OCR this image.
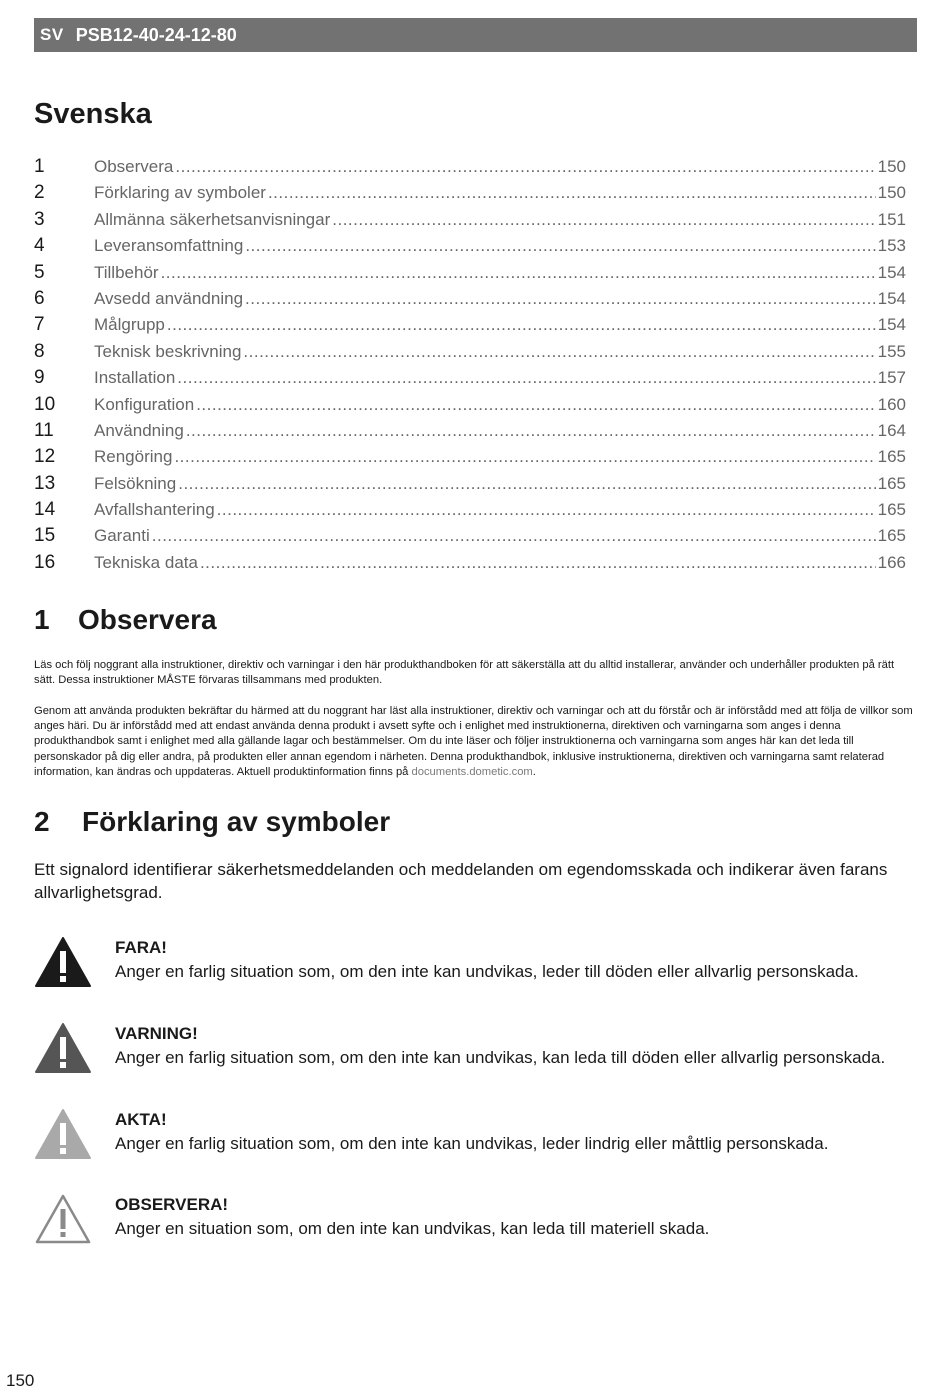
SV PSB12-40-24-12-80
Svenska
1	Observera .....	150
2	Förklaring av symboler .....	150
3	Allmänna säkerhetsanvisningar .....	151
4	Leveransomfattning .....	153
5	Tillbehör .....	154
6	Avsedd användning .....	154
7	Målgrupp .....	154
8	Teknisk beskrivning .....	155
9	Installation .....	157
10	Konfiguration .....	160
11	Användning .....	164
12	Rengöring .....	165
13	Felsökning .....	165
14	Avfallshantering .....	165
15	Garanti .....	165
16	Tekniska data .....	166
1	Observera

Läs och följ noggrant alla instruktioner, direktiv och varningar i den här produkthandboken för att säkerställa att du alltid installerar, använder och underhåller produkten på rätt sätt. Dessa instruktioner MÅSTE förvaras tillsammans med produkten.

Genom att använda produkten bekräftar du härmed att du noggrant har läst alla instruktioner, direktiv och varningar och att du förstår och är införstådd med att följa de villkor som anges häri. Du är införstådd med att endast använda denna produkt i avsett syfte och i enlighet med instruktionerna, direktiven och varningarna som anges i denna produkthandbok samt i enlighet med alla gällande lagar och bestämmelser. Om du inte läser och följer instruktionerna och varningarna som anges här kan det leda till personskador på dig eller andra, på produkten eller annan egendom i närheten. Denna produkthandbok, inklusive instruktionerna, direktiven och varningarna samt relaterad information, kan ändras och uppdateras. Aktuell produktinformation finns på documents.dometic.com.

2	Förklaring av symboler

Ett signalord identifierar säkerhetsmeddelanden och meddelanden om egendomsskada och indikerar även farans allvarlighetsgrad.

FARA!
Anger en farlig situation som, om den inte kan undvikas, leder till döden eller allvarlig personskada.
VARNING!
Anger en farlig situation som, om den inte kan undvikas, kan leda till döden eller allvarlig personskada.
AKTA!
Anger en farlig situation som, om den inte kan undvikas, leder lindrig eller måttlig personskada.
OBSERVERA!
Anger en situation som, om den inte kan undvikas, kan leda till materiell skada.
150
